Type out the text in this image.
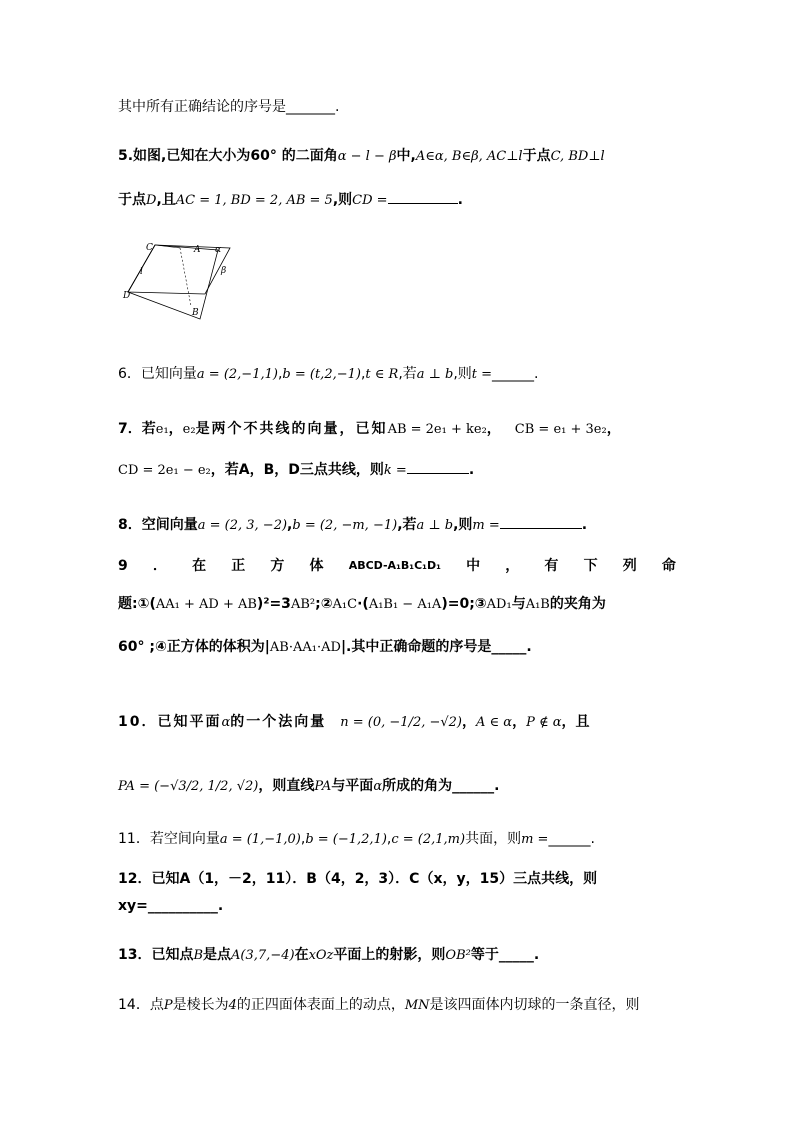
其中所有正确结论的序号是_______.
5.如图,已知在大小为60° 的二面角α − l − β中,A∈α, B∈β, AC⊥l于点C, BD⊥l
于点D,且AC = 1, BD = 2, AB = 5,则CD =	.
C	A α
β
l
D
B
6．已知向量a = (2,−1,1),b = (t,2,−1),t ∈ R,若a ⊥ b,则t =______.
7．若e₁，e₂是两个不共线的向量，已知AB = 2e₁ + ke₂， CB = e₁ + 3e₂，
CD = 2e₁ − e₂，若A，B，D三点共线，则k =	.
8．空间向量a = (2, 3, −2),b = (2, −m, −1),若a ⊥ b,则m =	.
9 ． 在 正 方 体 ABCD-A₁B₁C₁D₁ 中 ， 有 下 列 命
题:①(AA₁ + AD + AB)²=3AB²;②A₁C·(A₁B₁ − A₁A)=0;③AD₁与A₁B的夹角为
60° ;④正方体的体积为|AB·AA₁·AD|.其中正确命题的序号是_____.
10．已知平面α的一个法向量 n = (0, −1/2, −√2)，A ∈ α，P ∉ α，且
PA = (−√3/2, 1/2, √2)，则直线PA与平面α所成的角为______.
11．若空间向量a = (1,−1,0),b = (−1,2,1),c = (2,1,m)共面，则m =______.
12．已知A（1，－2，11）．B（4，2，3）．C（x，y，15）三点共线，则
xy=__________.
13．已知点B是点A(3,7,−4)在xOz平面上的射影，则OB²等于_____.
14．点P是棱长为4的正四面体表面上的动点，MN是该四面体内切球的一条直径，则
